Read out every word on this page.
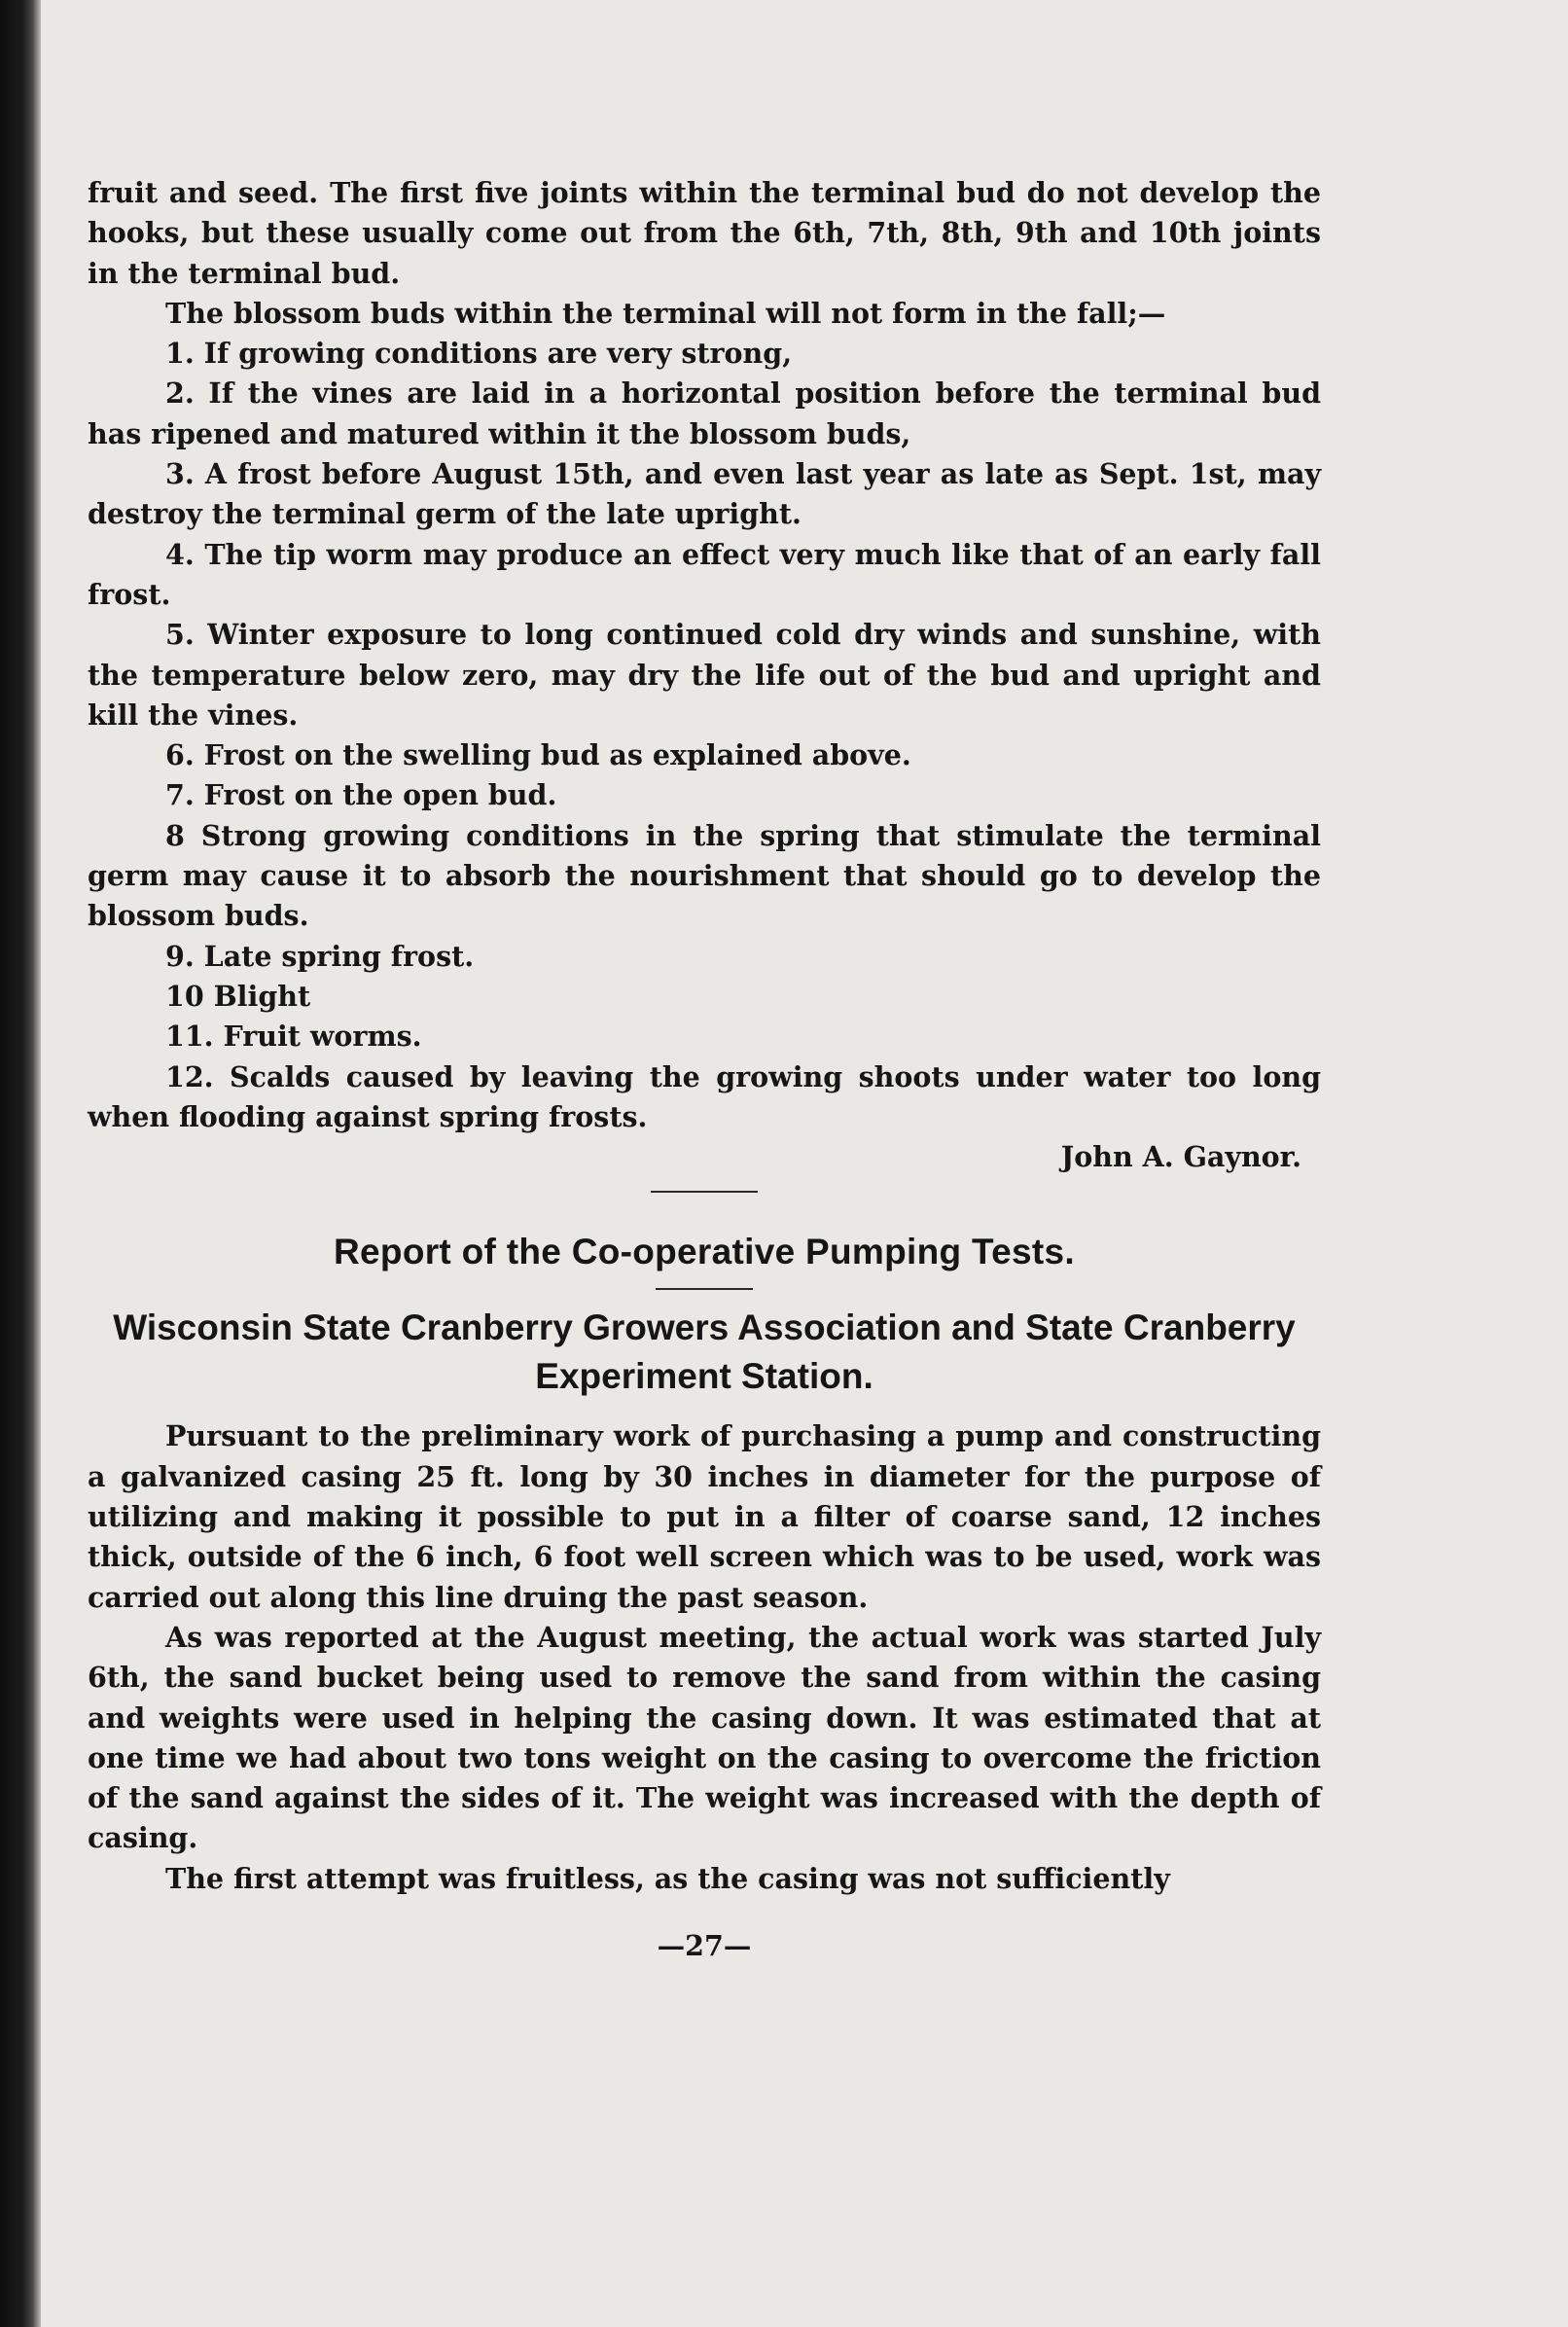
fruit and seed. The first five joints within the terminal bud do not develop the hooks, but these usually come out from the 6th, 7th, 8th, 9th and 10th joints in the terminal bud.

The blossom buds within the terminal will not form in the fall;—

1. If growing conditions are very strong,

2. If the vines are laid in a horizontal position before the terminal bud has ripened and matured within it the blossom buds,

3. A frost before August 15th, and even last year as late as Sept. 1st, may destroy the terminal germ of the late upright.

4. The tip worm may produce an effect very much like that of an early fall frost.

5. Winter exposure to long continued cold dry winds and sunshine, with the temperature below zero, may dry the life out of the bud and upright and kill the vines.

6. Frost on the swelling bud as explained above.

7. Frost on the open bud.

8 Strong growing conditions in the spring that stimulate the terminal germ may cause it to absorb the nourishment that should go to develop the blossom buds.

9. Late spring frost.

10 Blight

11. Fruit worms.

12. Scalds caused by leaving the growing shoots under water too long when flooding against spring frosts.

John A. Gaynor.

Report of the Co-operative Pumping Tests.
Wisconsin State Cranberry Growers Association and State Cranberry Experiment Station.

Pursuant to the preliminary work of purchasing a pump and constructing a galvanized casing 25 ft. long by 30 inches in diameter for the purpose of utilizing and making it possible to put in a filter of coarse sand, 12 inches thick, outside of the 6 inch, 6 foot well screen which was to be used, work was carried out along this line druing the past season.

As was reported at the August meeting, the actual work was started July 6th, the sand bucket being used to remove the sand from within the casing and weights were used in helping the casing down. It was estimated that at one time we had about two tons weight on the casing to overcome the friction of the sand against the sides of it. The weight was increased with the depth of casing.

The first attempt was fruitless, as the casing was not sufficiently

—27—
